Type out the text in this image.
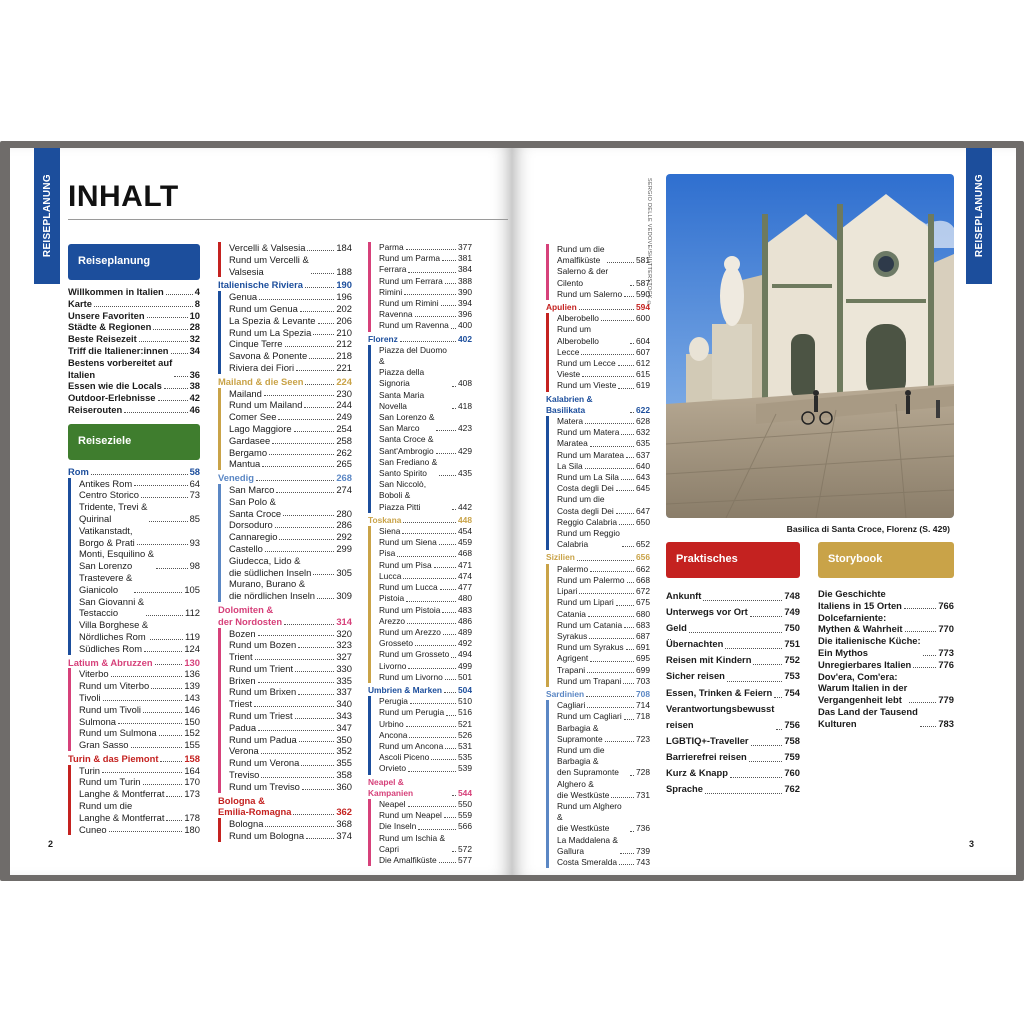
REISEPLANUNG INHALT
Reiseplanung
Willkommen in Italien	4
Karte	8
Unsere Favoriten	10
Städte & Regionen	28
Beste Reisezeit	32
Triff die Italiener:innen 34
Bestens vorbereitet auf
Italien	36
Essen wie die Locals	38
Outdoor-Erlebnisse	42
Reiserouten	46
Reiseziele
Rom	58
Antikes Rom	64
Centro Storico	73
Tridente, Trevi &
Quirinal	85
Vatikanstadt,
Borgo & Prati	93
Monti, Esquilino &
San Lorenzo	98
Trastevere &
Gianicolo	105
San Giovanni &
Testaccio	112
Villa Borghese &
Nördliches Rom	119
Südliches Rom	124
Latium & Abruzzen	130
Viterbo	136
Rund um Viterbo	139
Tivoli	143
Rund um Tivoli	146
Sulmona	150
Rund um Sulmona	152
Gran Sasso	155
Turin & das Piemont	158
Turin	164
Rund um Turin	170
Langhe & Montferrat 173
Rund um die
Langhe & Montferrat 178
Cuneo	180
Vercelli & Valsesia	184
Rund um Vercelli &
Valsesia	188
Italienische Riviera	190
Genua	196
Rund um Genua	202
La Spezia & Levante 206
Rund um La Spezia	210
Cinque Terre	212
Savona & Ponente	218
Riviera dei Fiori	221
Mailand & die Seen	224
Mailand	230
Rund um Mailand	244
Comer See	249
Lago Maggiore	254
Gardasee	258
Bergamo	262
Mantua	265
Venedig	268
San Marco	274
San Polo &
Santa Croce	280
Dorsoduro	286
Cannaregio	292
Castello	299
Giudecca, Lido &
die südlichen Inseln	305
Murano, Burano &
die nördlichen Inseln 309
Dolomiten &
der Nordosten	314
Bozen	320
Rund um Bozen	323
Trient	327
Rund um Trient	330
Brixen	335
Rund um Brixen	337
Triest	340
Rund um Triest	343
Padua	347
Rund um Padua	350
Verona	352
Rund um Verona	355
Treviso	358
Rund um Treviso	360
Bologna &
Emilia-Romagna	362
Bologna	368
Rund um Bologna	374
Parma	377
Rund um Parma 381
Ferrara	384
Rund um Ferrara 388
Rimini	390
Rund um Rimini 394
Ravenna	396
Rund um Ravenna 400
Florenz	402
Piazza del Duomo &
Piazza della Signoria	408
Santa Maria Novella	418
San Lorenzo &
San Marco	423
Santa Croce &
Sant'Ambrogio	429
San Frediano &
Santo Spirito	435
San Niccolò, Boboli &
Piazza Pitti	442
Toskana	448
Siena	454
Rund um Siena	459
Pisa	468
Rund um Pisa	471
Lucca	474
Rund um Lucca 477
Pistoia	480
Rund um Pistoia 483
Arezzo	486
Rund um Arezzo 489
Grosseto	492
Rund um Grosseto 494
Livorno	499
Rund um Livorno 501
Umbrien & Marken 504
Perugia	510
Rund um Perugia 516
Urbino	521
Ancona	526
Rund um Ancona 531
Ascoli Piceno	535
Orvieto	539
Neapel & Kampanien	544
Neapel	550
Rund um Neapel 559
Die Inseln	566
Rund um Ischia & Capri	572
Die Amalfiküste	577
2
REISEPLANUNG
Rund um die
Amalfiküste	581
Salerno & der Cilento	587
Rund um Salerno 590
Apulien	594
Alberobello	600
Rund um Alberobello	604
Lecce	607
Rund um Lecce 612
Vieste	615
Rund um Vieste 619
Kalabrien & Basilikata	622
Matera	628
Rund um Matera 632
Maratea	635
Rund um Maratea 637
La Sila	640
Rund um La Sila 643
Costa degli Dei	645
Rund um die
Costa degli Dei	647
Reggio Calabria 650
Rund um Reggio
Calabria	652
Sizilien	656
Palermo	662
Rund um Palermo 668
Lipari	672
Rund um Lipari	675
Catania	680
Rund um Catania 683
Syrakus	687
Rund um Syrakus 691
Agrigent	695
Trapani	699
Rund um Trapani 703
Sardinien	708
Cagliari	714
Rund um Cagliari 718
Barbagia &
Supramonte	723
Rund um die Barbagia &
den Supramonte	728
Alghero &
die Westküste	731
Rund um Alghero &
die Westküste	736
La Maddalena &
Gallura	739
Costa Smeralda 743
SERGIO DELLE VEDOVE/SHUTTERSTOCK ©
Basilica di Santa Croce, Florenz (S. 429)
Praktisches
Ankunft	748
Unterwegs vor Ort	749
Geld	750
Übernachten	751
Reisen mit Kindern	752
Sicher reisen	753
Essen, Trinken & Feiern 754
Verantwortungsbewusst
reisen	756
LGBTIQ+-Traveller	758
Barrierefrei reisen	759
Kurz & Knapp	760
Sprache	762
Storybook
Die Geschichte
Italiens in 15 Orten	766
Dolcefarniente:
Mythen & Wahrheit	770
Die italienische Küche:
Ein Mythos	773
Unregierbares Italien	776
Dov'era, Com'era:
Warum Italien in der
Vergangenheit lebt	779
Das Land der Tausend
Kulturen	783
3
